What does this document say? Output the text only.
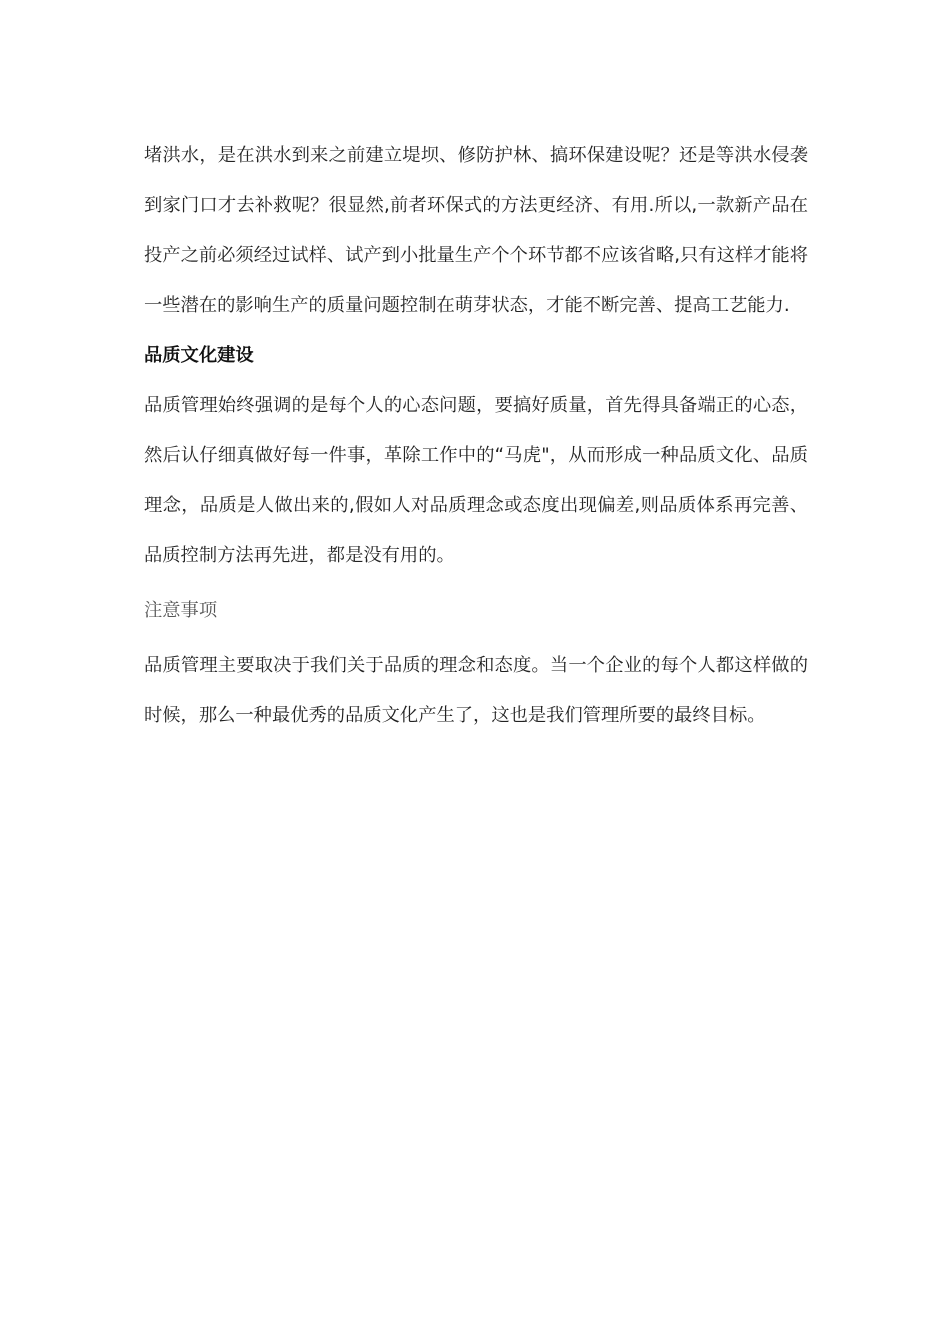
堵洪水，是在洪水到来之前建立堤坝、修防护林、搞环保建设呢？还是等洪水侵袭到家门口才去补救呢？很显然,前者环保式的方法更经济、有用.所以,一款新产品在投产之前必须经过试样、试产到小批量生产个个环节都不应该省略,只有这样才能将一些潜在的影响生产的质量问题控制在萌芽状态，才能不断完善、提高工艺能力.

品质文化建设

品质管理始终强调的是每个人的心态问题，要搞好质量，首先得具备端正的心态，然后认仔细真做好每一件事，革除工作中的“马虎"，从而形成一种品质文化、品质理念，品质是人做出来的,假如人对品质理念或态度出现偏差,则品质体系再完善、品质控制方法再先进，都是没有用的。

注意事项

品质管理主要取决于我们关于品质的理念和态度。当一个企业的每个人都这样做的时候，那么一种最优秀的品质文化产生了，这也是我们管理所要的最终目标。
